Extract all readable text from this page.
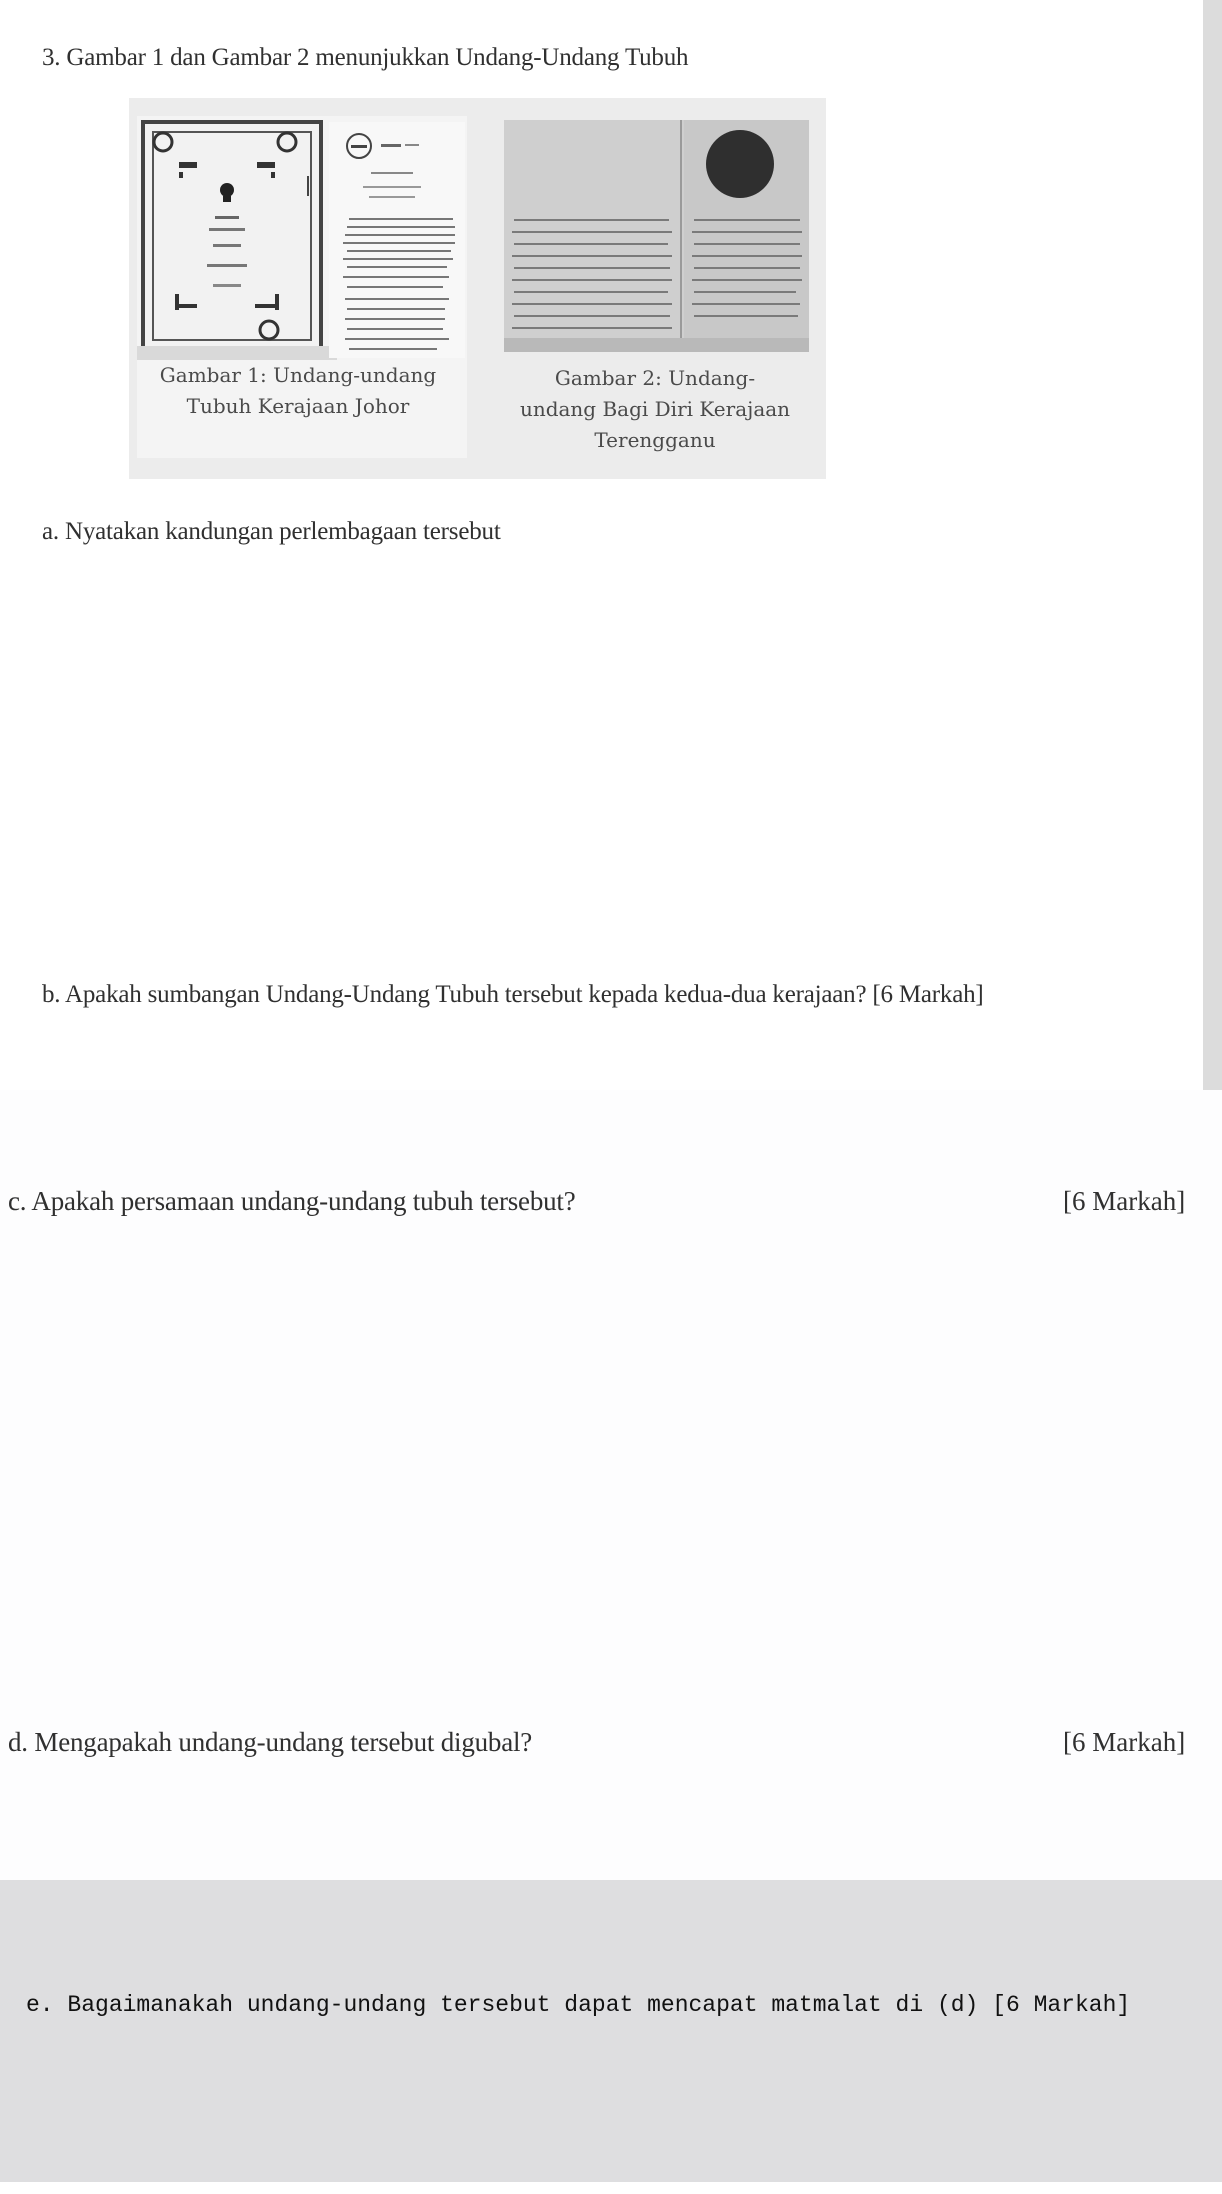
3. Gambar 1 dan Gambar 2 menunjukkan Undang-Undang Tubuh
Gambar 1: Undang-undang
Tubuh Kerajaan Johor
Gambar 2: Undang-
undang Bagi Diri Kerajaan
Terengganu
a. Nyatakan kandungan perlembagaan tersebut
b. Apakah sumbangan Undang-Undang Tubuh tersebut kepada kedua-dua kerajaan? [6 Markah]
c. Apakah persamaan undang-undang tubuh tersebut?	[6 Markah]
d. Mengapakah undang-undang tersebut digubal?	[6 Markah]
e. Bagaimanakah undang-undang tersebut dapat mencapat matmalat di (d) [6 Markah]
